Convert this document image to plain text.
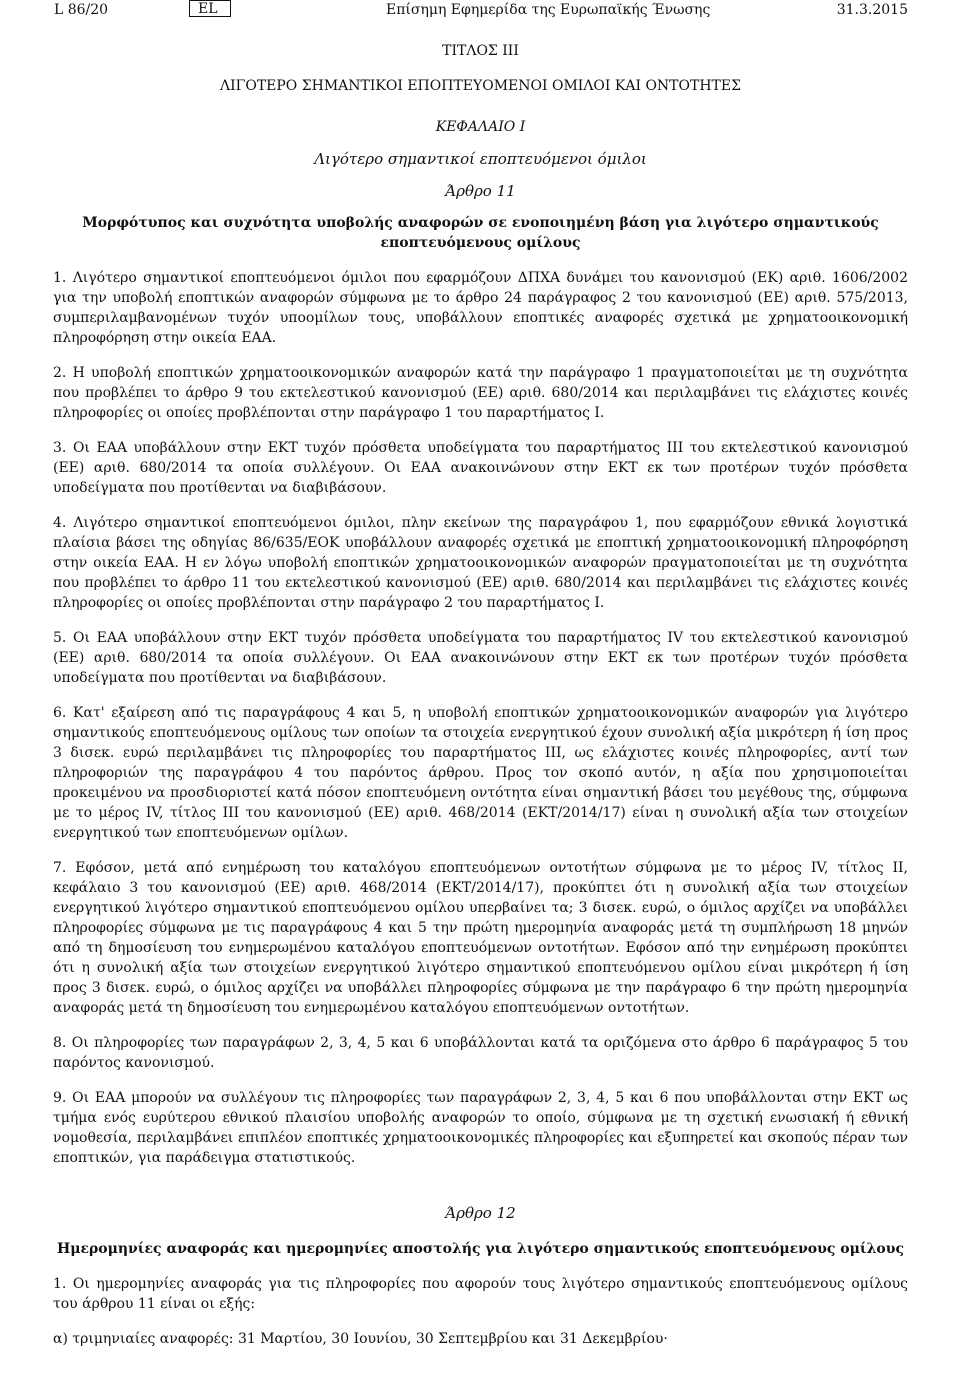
L 86/20	EL	Επίσημη Εφημερίδα της Ευρωπαϊκής Ένωσης	31.3.2015
ΤΙΤΛΟΣ III
ΛΙΓΟΤΕΡΟ ΣΗΜΑΝΤΙΚΟΙ ΕΠΟΠΤΕΥΟΜΕΝΟΙ ΟΜΙΛΟΙ ΚΑΙ ΟΝΤΟΤΗΤΕΣ
ΚΕΦΑΛΑΙΟ I
Λιγότερο σημαντικοί εποπτευόμενοι όμιλοι
Άρθρο 11
Μορφότυπος και συχνότητα υποβολής αναφορών σε ενοποιημένη βάση για λιγότερο σημαντικούς εποπτευόμενους ομίλους

1. Λιγότερο σημαντικοί εποπτευόμενοι όμιλοι που εφαρμόζουν ΔΠΧΑ δυνάμει του κανονισμού (ΕΚ) αριθ. 1606/2002 για την υποβολή εποπτικών αναφορών σύμφωνα με το άρθρο 24 παράγραφος 2 του κανονισμού (ΕΕ) αριθ. 575/2013, συμπεριλαμβανομένων τυχόν υποομίλων τους, υποβάλλουν εποπτικές αναφορές σχετικά με χρηματοοικονομική πληροφόρηση στην οικεία ΕΑΑ.

2. Η υποβολή εποπτικών χρηματοοικονομικών αναφορών κατά την παράγραφο 1 πραγματοποιείται με τη συχνότητα που προβλέπει το άρθρο 9 του εκτελεστικού κανονισμού (ΕΕ) αριθ. 680/2014 και περιλαμβάνει τις ελάχιστες κοινές πληροφορίες οι οποίες προβλέπονται στην παράγραφο 1 του παραρτήματος I.

3. Οι ΕΑΑ υποβάλλουν στην ΕΚΤ τυχόν πρόσθετα υποδείγματα του παραρτήματος III του εκτελεστικού κανονισμού (ΕΕ) αριθ. 680/2014 τα οποία συλλέγουν. Οι ΕΑΑ ανακοινώνουν στην ΕΚΤ εκ των προτέρων τυχόν πρόσθετα υποδείγματα που προτίθενται να διαβιβάσουν.

4. Λιγότερο σημαντικοί εποπτευόμενοι όμιλοι, πλην εκείνων της παραγράφου 1, που εφαρμόζουν εθνικά λογιστικά πλαίσια βάσει της οδηγίας 86/635/ΕΟΚ υποβάλλουν αναφορές σχετικά με εποπτική χρηματοοικονομική πληροφόρηση στην οικεία ΕΑΑ. Η εν λόγω υποβολή εποπτικών χρηματοοικονομικών αναφορών πραγματοποιείται με τη συχνότητα που προβλέπει το άρθρο 11 του εκτελεστικού κανονισμού (ΕΕ) αριθ. 680/2014 και περιλαμβάνει τις ελάχιστες κοινές πληροφορίες οι οποίες προβλέπονται στην παράγραφο 2 του παραρτήματος I.

5. Οι ΕΑΑ υποβάλλουν στην ΕΚΤ τυχόν πρόσθετα υποδείγματα του παραρτήματος IV του εκτελεστικού κανονισμού (ΕΕ) αριθ. 680/2014 τα οποία συλλέγουν. Οι ΕΑΑ ανακοινώνουν στην ΕΚΤ εκ των προτέρων τυχόν πρόσθετα υποδείγματα που προτίθενται να διαβιβάσουν.

6. Κατ' εξαίρεση από τις παραγράφους 4 και 5, η υποβολή εποπτικών χρηματοοικονομικών αναφορών για λιγότερο σημαντικούς εποπτευόμενους ομίλους των οποίων τα στοιχεία ενεργητικού έχουν συνολική αξία μικρότερη ή ίση προς 3 δισεκ. ευρώ περιλαμβάνει τις πληροφορίες του παραρτήματος III, ως ελάχιστες κοινές πληροφορίες, αντί των πληροφοριών της παραγράφου 4 του παρόντος άρθρου. Προς τον σκοπό αυτόν, η αξία που χρησιμοποιείται προκειμένου να προσδιοριστεί κατά πόσον εποπτευόμενη οντότητα είναι σημαντική βάσει του μεγέθους της, σύμφωνα με το μέρος IV, τίτλος III του κανονισμού (ΕΕ) αριθ. 468/2014 (ΕΚΤ/2014/17) είναι η συνολική αξία των στοιχείων ενεργητικού των εποπτευόμενων ομίλων.

7. Εφόσον, μετά από ενημέρωση του καταλόγου εποπτευόμενων οντοτήτων σύμφωνα με το μέρος IV, τίτλος II, κεφάλαιο 3 του κανονισμού (ΕΕ) αριθ. 468/2014 (ΕΚΤ/2014/17), προκύπτει ότι η συνολική αξία των στοιχείων ενεργητικού λιγότερο σημαντικού εποπτευόμενου ομίλου υπερβαίνει τα; 3 δισεκ. ευρώ, ο όμιλος αρχίζει να υποβάλλει πληροφορίες σύμφωνα με τις παραγράφους 4 και 5 την πρώτη ημερομηνία αναφοράς μετά τη συμπλήρωση 18 μηνών από τη δημοσίευση του ενημερωμένου καταλόγου εποπτευόμενων οντοτήτων. Εφόσον από την ενημέρωση προκύπτει ότι η συνολική αξία των στοιχείων ενεργητικού λιγότερο σημαντικού εποπτευόμενου ομίλου είναι μικρότερη ή ίση προς 3 δισεκ. ευρώ, ο όμιλος αρχίζει να υποβάλλει πληροφορίες σύμφωνα με την παράγραφο 6 την πρώτη ημερομηνία αναφοράς μετά τη δημοσίευση του ενημερωμένου καταλόγου εποπτευόμενων οντοτήτων.

8. Οι πληροφορίες των παραγράφων 2, 3, 4, 5 και 6 υποβάλλονται κατά τα οριζόμενα στο άρθρο 6 παράγραφος 5 του παρόντος κανονισμού.

9. Οι ΕΑΑ μπορούν να συλλέγουν τις πληροφορίες των παραγράφων 2, 3, 4, 5 και 6 που υποβάλλονται στην ΕΚΤ ως τμήμα ενός ευρύτερου εθνικού πλαισίου υποβολής αναφορών το οποίο, σύμφωνα με τη σχετική ενωσιακή ή εθνική νομοθεσία, περιλαμβάνει επιπλέον εποπτικές χρηματοοικονομικές πληροφορίες και εξυπηρετεί και σκοπούς πέραν των εποπτικών, για παράδειγμα στατιστικούς.

Άρθρο 12
Ημερομηνίες αναφοράς και ημερομηνίες αποστολής για λιγότερο σημαντικούς εποπτευόμενους ομίλους

1. Οι ημερομηνίες αναφοράς για τις πληροφορίες που αφορούν τους λιγότερο σημαντικούς εποπτευόμενους ομίλους του άρθρου 11 είναι οι εξής:

α) τριμηνιαίες αναφορές: 31 Μαρτίου, 30 Ιουνίου, 30 Σεπτεμβρίου και 31 Δεκεμβρίου·
